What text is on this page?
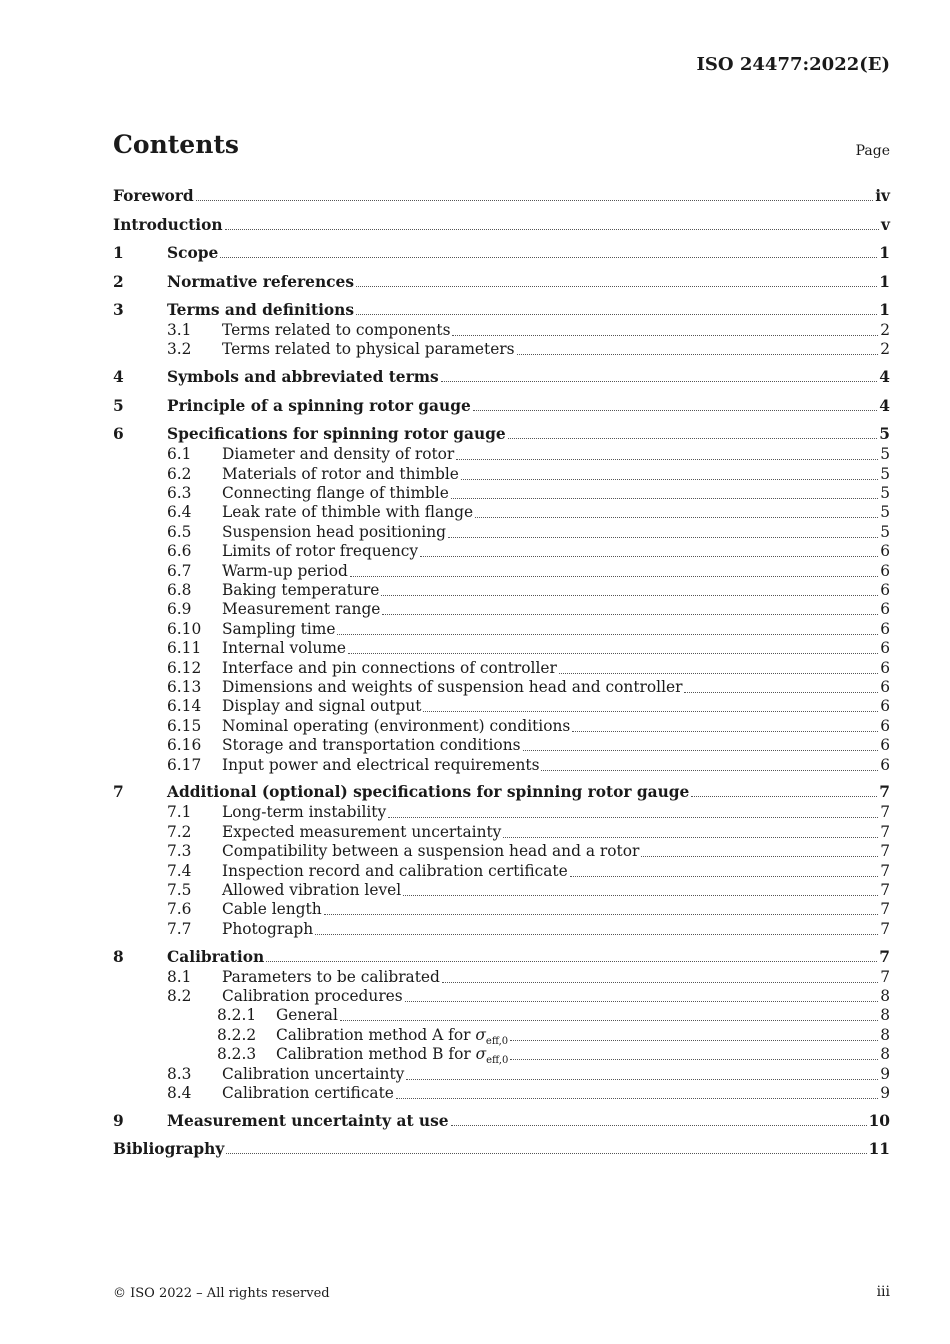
ISO 24477:2022(E)
Contents	Page
Foreword	iv
Introduction	v
1	Scope	1
2	Normative references	1
3	Terms and definitions	1
3.1 Terms related to components	2
3.2 Terms related to physical parameters	2
4	Symbols and abbreviated terms	4
5	Principle of a spinning rotor gauge	4
6	Specifications for spinning rotor gauge	5
6.1 Diameter and density of rotor	5
6.2 Materials of rotor and thimble	5
6.3 Connecting flange of thimble	5
6.4 Leak rate of thimble with flange	5
6.5 Suspension head positioning	5
6.6 Limits of rotor frequency	6
6.7 Warm-up period	6
6.8 Baking temperature	6
6.9 Measurement range	6
6.10 Sampling time	6
6.11 Internal volume	6
6.12 Interface and pin connections of controller	6
6.13 Dimensions and weights of suspension head and controller	6
6.14 Display and signal output	6
6.15 Nominal operating (environment) conditions	6
6.16 Storage and transportation conditions	6
6.17 Input power and electrical requirements	6
7	Additional (optional) specifications for spinning rotor gauge	7
7.1 Long-term instability	7
7.2 Expected measurement uncertainty	7
7.3 Compatibility between a suspension head and a rotor	7
7.4 Inspection record and calibration certificate	7
7.5 Allowed vibration level	7
7.6 Cable length	7
7.7 Photograph	7
8	Calibration	7
8.1 Parameters to be calibrated	7
8.2 Calibration procedures	8
8.2.1 General	8
8.2.2 Calibration method A for $\sigma_{eff,0}$	8
8.2.3 Calibration method B for $\sigma_{eff,0}$	8
8.3 Calibration uncertainty	9
8.4 Calibration certificate	9
9	Measurement uncertainty at use	10
Bibliography	11
© ISO 2022 – All rights reserved	iii
